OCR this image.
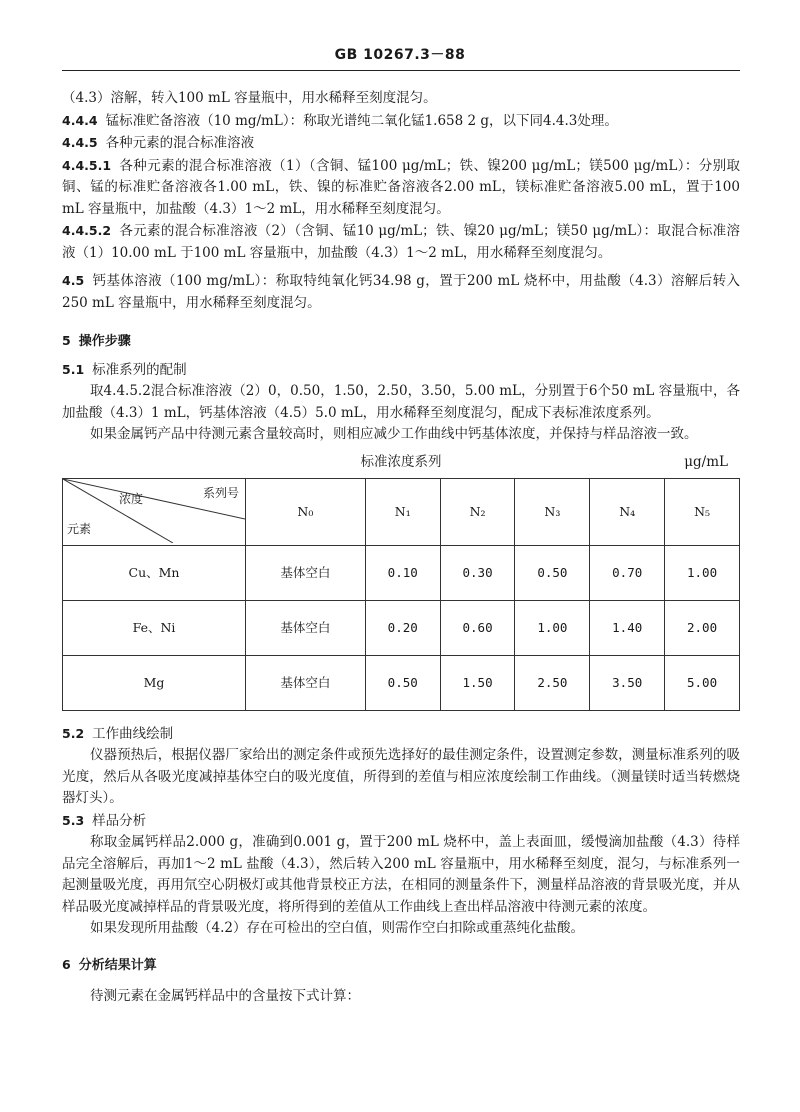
GB 10267.3－88

（4.3）溶解，转入100 mL 容量瓶中，用水稀释至刻度混匀。

4.4.4 锰标准贮备溶液（10 mg/mL）：称取光谱纯二氧化锰1.658 2 g，以下同4.4.3处理。

4.4.5 各种元素的混合标准溶液

4.4.5.1 各种元素的混合标准溶液（1）（含铜、锰100 μg/mL；铁、镍200 μg/mL；镁500 μg/mL）：分别取铜、锰的标准贮备溶液各1.00 mL，铁、镍的标准贮备溶液各2.00 mL，镁标准贮备溶液5.00 mL，置于100 mL 容量瓶中，加盐酸（4.3）1～2 mL，用水稀释至刻度混匀。

4.4.5.2 各元素的混合标准溶液（2）（含铜、锰10 μg/mL；铁、镍20 μg/mL；镁50 μg/mL）：取混合标准溶液（1）10.00 mL 于100 mL 容量瓶中，加盐酸（4.3）1～2 mL，用水稀释至刻度混匀。

4.5 钙基体溶液（100 mg/mL）：称取特纯氧化钙34.98 g，置于200 mL 烧杯中，用盐酸（4.3）溶解后转入250 mL 容量瓶中，用水稀释至刻度混匀。

5 操作步骤

5.1 标准系列的配制

取4.4.5.2混合标准溶液（2）0，0.50，1.50，2.50，3.50，5.00 mL，分别置于6个50 mL 容量瓶中，各加盐酸（4.3）1 mL，钙基体溶液（4.5）5.0 mL，用水稀释至刻度混匀，配成下表标准浓度系列。

如果金属钙产品中待测元素含量较高时，则相应减少工作曲线中钙基体浓度，并保持与样品溶液一致。

标准浓度系列	μg/mL
浓度 系列号
元素	N₀	N₁	N₂	N₃	N₄	N₅
Cu、Mn	基体空白	0.10	0.30	0.50	0.70	1.00
Fe、Ni	基体空白	0.20	0.60	1.00	1.40	2.00
Mg	基体空白	0.50	1.50	2.50	3.50	5.00

5.2 工作曲线绘制

仪器预热后，根据仪器厂家给出的测定条件或预先选择好的最佳测定条件，设置测定参数，测量标准系列的吸光度，然后从各吸光度减掉基体空白的吸光度值，所得到的差值与相应浓度绘制工作曲线。（测量镁时适当转燃烧器灯头）。

5.3 样品分析

称取金属钙样品2.000 g，准确到0.001 g，置于200 mL 烧杯中，盖上表面皿，缓慢滴加盐酸（4.3）待样品完全溶解后，再加1～2 mL 盐酸（4.3），然后转入200 mL 容量瓶中，用水稀释至刻度，混匀，与标准系列一起测量吸光度，再用氘空心阴极灯或其他背景校正方法，在相同的测量条件下，测量样品溶液的背景吸光度，并从样品吸光度减掉样品的背景吸光度，将所得到的差值从工作曲线上查出样品溶液中待测元素的浓度。

如果发现所用盐酸（4.2）存在可检出的空白值，则需作空白扣除或重蒸纯化盐酸。

6 分析结果计算

待测元素在金属钙样品中的含量按下式计算：
